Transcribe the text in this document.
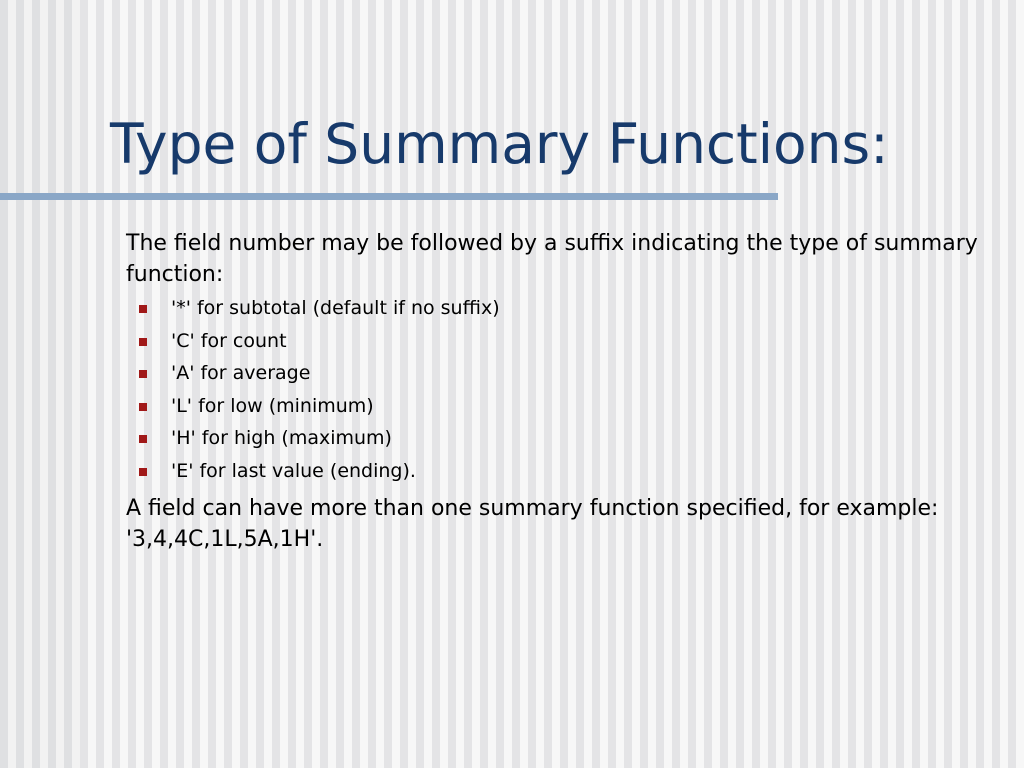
Type of Summary Functions:

The field number may be followed by a suffix indicating the type of summary function:

'*' for subtotal (default if no suffix)
'C' for count
'A' for average
'L' for low (minimum)
'H' for high (maximum)
'E' for last value (ending).

A field can have more than one summary function specified, for example: '3,4,4C,1L,5A,1H'.
